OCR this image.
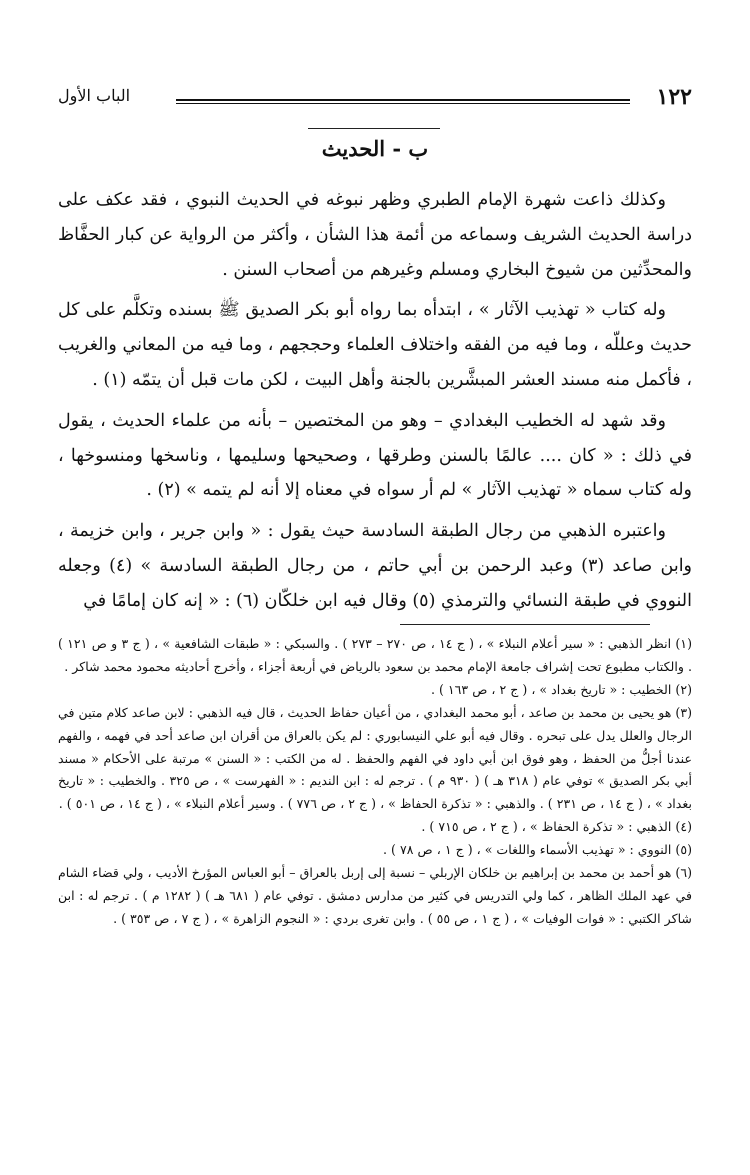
١٢٢
الباب الأول
ب - الحديث

وكذلك ذاعت شهرة الإمام الطبري وظهر نبوغه في الحديث النبوي ، فقد عكف على دراسة الحديث الشريف وسماعه من أئمة هذا الشأن ، وأكثر من الرواية عن كبار الحفَّاظ والمحدِّثين من شيوخ البخاري ومسلم وغيرهم من أصحاب السنن .

وله كتاب « تهذيب الآثار » ، ابتدأه بما رواه أبو بكر الصديق ﷺ بسنده وتكلَّم على كل حديث وعللّه ، وما فيه من الفقه واختلاف العلماء وحججهم ، وما فيه من المعاني والغريب ، فأكمل منه مسند العشر المبشَّرين بالجنة وأهل البيت ، لكن مات قبل أن يتمّه (١) .

وقد شهد له الخطيب البغدادي – وهو من المختصين – بأنه من علماء الحديث ، يقول في ذلك : « كان .... عالمًا بالسنن وطرقها ، وصحيحها وسليمها ، وناسخها ومنسوخها ، وله كتاب سماه « تهذيب الآثار » لم أر سواه في معناه إلا أنه لم يتمه » (٢) .

واعتبره الذهبي من رجال الطبقة السادسة حيث يقول : « وابن جرير ، وابن خزيمة ، وابن صاعد (٣) وعبد الرحمن بن أبي حاتم ، من رجال الطبقة السادسة » (٤) وجعله النووي في طبقة النسائي والترمذي (٥) وقال فيه ابن خلكّان (٦) : « إنه كان إمامًا في

(١) انظر الذهبي : « سير أعلام النبلاء » ، ( ج ١٤ ، ص ٢٧٠ – ٢٧٣ ) . والسبكي : « طبقات الشافعية » ، ( ج ٣ و ص ١٢١ ) . والكتاب مطبوع تحت إشراف جامعة الإمام محمد بن سعود بالرياض في أربعة أجزاء ، وأخرج أحاديثه محمود محمد شاكر .

(٢) الخطيب : « تاريخ بغداد » ، ( ج ٢ ، ص ١٦٣ ) .

(٣) هو يحيى بن محمد بن صاعد ، أبو محمد البغدادي ، من أعيان حفاظ الحديث ، قال فيه الذهبي : لابن صاعد كلام متين في الرجال والعلل يدل على تبحره . وقال فيه أبو علي النيسابوري : لم يكن بالعراق من أقران ابن صاعد أحد في فهمه ، والفهم عندنا أجلُّ من الحفظ ، وهو فوق ابن أبي داود في الفهم والحفظ . له من الكتب : « السنن » مرتبة على الأحكام « مسند أبي بكر الصديق » توفي عام ( ٣١٨ هـ ) ( ٩٣٠ م ) . ترجم له : ابن النديم : « الفهرست » ، ص ٣٢٥ . والخطيب : « تاريخ بغداد » ، ( ج ١٤ ، ص ٢٣١ ) . والذهبي : « تذكرة الحفاظ » ، ( ج ٢ ، ص ٧٧٦ ) . وسير أعلام النبلاء » ، ( ج ١٤ ، ص ٥٠١ ) .

(٤) الذهبي : « تذكرة الحفاظ » ، ( ج ٢ ، ص ٧١٥ ) .

(٥) النووي : « تهذيب الأسماء واللغات » ، ( ج ١ ، ص ٧٨ ) .

(٦) هو أحمد بن محمد بن إبراهيم بن خلكان الإربلي – نسبة إلى إربل بالعراق – أبو العباس المؤرخ الأديب ، ولي قضاء الشام في عهد الملك الظاهر ، كما ولي التدريس في كثير من مدارس دمشق . توفي عام ( ٦٨١ هـ ) ( ١٢٨٢ م ) . ترجم له : ابن شاكر الكتبي : « فوات الوفيات » ، ( ج ١ ، ص ٥٥ ) . وابن تغرى بردي : « النجوم الزاهرة » ، ( ج ٧ ، ص ٣٥٣ ) .
